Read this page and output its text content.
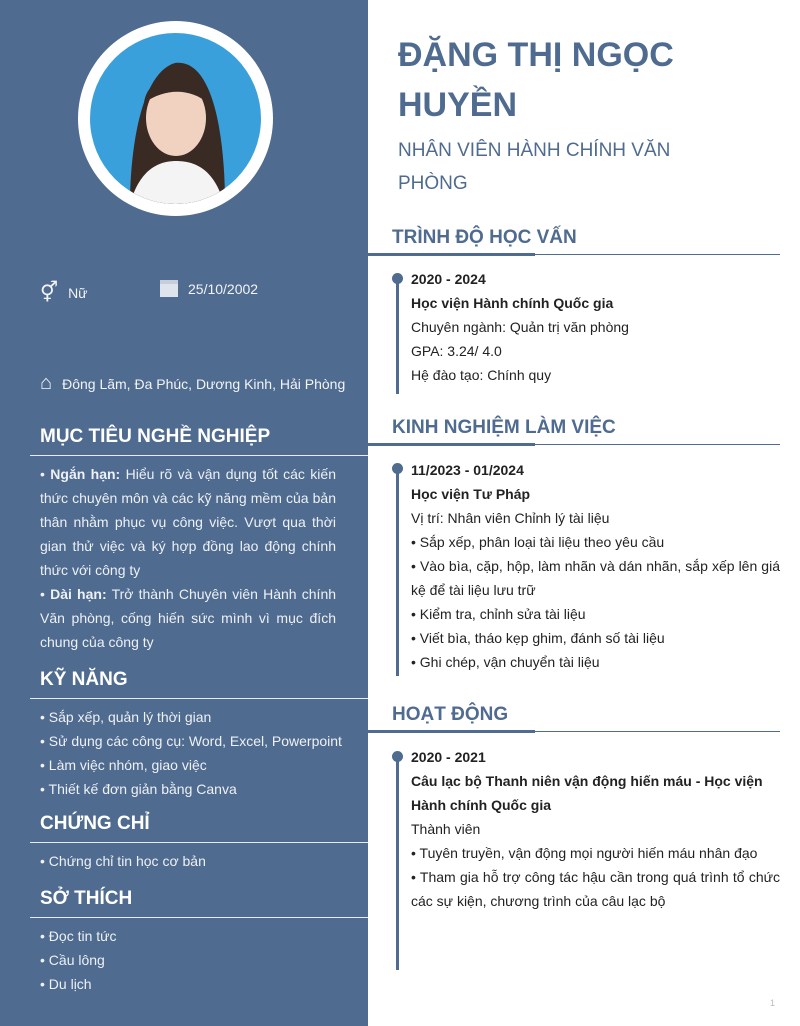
⚥ Nữ	25/10/2002
⌂ Đông Lãm, Đa Phúc, Dương Kinh, Hải Phòng
MỤC TIÊU NGHỀ NGHIỆP
• Ngắn hạn: Hiểu rõ và vận dụng tốt các kiến thức chuyên môn và các kỹ năng mềm của bản thân nhằm phục vụ công việc. Vượt qua thời gian thử việc và ký hợp đồng lao động chính thức với công ty
• Dài hạn: Trở thành Chuyên viên Hành chính Văn phòng, cống hiến sức mình vì mục đích chung của công ty
KỸ NĂNG
• Sắp xếp, quản lý thời gian
• Sử dụng các công cụ: Word, Excel, Powerpoint
• Làm việc nhóm, giao việc
• Thiết kế đơn giản bằng Canva
CHỨNG CHỈ
• Chứng chỉ tin học cơ bản
SỞ THÍCH
• Đọc tin tức
• Cầu lông
• Du lịch
ĐẶNG THỊ NGỌC HUYỀN
NHÂN VIÊN HÀNH CHÍNH VĂN PHÒNG
TRÌNH ĐỘ HỌC VẤN
2020 - 2024
Học viện Hành chính Quốc gia
Chuyên ngành: Quản trị văn phòng
GPA: 3.24/ 4.0
Hệ đào tạo: Chính quy
KINH NGHIỆM LÀM VIỆC
11/2023 - 01/2024
Học viện Tư Pháp
Vị trí: Nhân viên Chỉnh lý tài liệu
• Sắp xếp, phân loại tài liệu theo yêu cầu
• Vào bìa, cặp, hộp, làm nhãn và dán nhãn, sắp xếp lên giá kệ để tài liệu lưu trữ
• Kiểm tra, chỉnh sửa tài liệu
• Viết bìa, tháo kẹp ghim, đánh số tài liệu
• Ghi chép, vận chuyển tài liệu
HOẠT ĐỘNG
2020 - 2021
Câu lạc bộ Thanh niên vận động hiến máu - Học viện Hành chính Quốc gia
Thành viên
• Tuyên truyền, vận động mọi người hiến máu nhân đạo
• Tham gia hỗ trợ công tác hậu cần trong quá trình tổ chức các sự kiện, chương trình của câu lạc bộ
1
